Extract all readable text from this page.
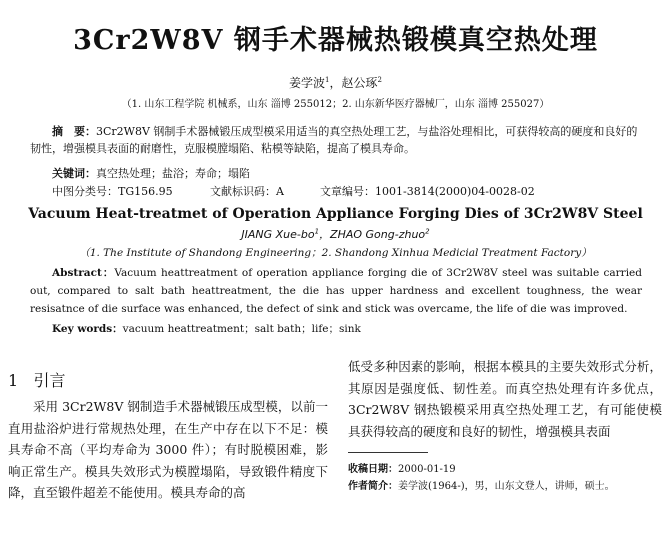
3Cr2W8V 钢手术器械热锻模真空热处理
姜学波$^1$，赵公琢$^2$
（1. 山东工程学院 机械系，山东 淄博 255012；2. 山东新华医疗器械厂，山东 淄博 255027）
摘　要：3Cr2W8V 钢制手术器械锻压成型模采用适当的真空热处理工艺，与盐浴处理相比，可获得较高的硬度和良好的韧性，增强模具表面的耐磨性，克服模膛塌陷、粘模等缺陷，提高了模具寿命。
关键词：真空热处理；盐浴；寿命；塌陷
中图分类号：TG156.95	文献标识码：A	文章编号：1001-3814(2000)04-0028-02
Vacuum Heat-treatmet of Operation Appliance Forging Dies of 3Cr2W8V Steel
JIANG Xue-$bo^1$，ZHAO Gong-zhuo$^2$
（1. The Institute of Shandong Engineering；2. Shandong Xinhua Medicial Treatment Factory）
Abstract：Vacuum heattreatment of operation appliance forging die of 3Cr2W8V steel was suitable carried out, compared to salt bath heattreatment, the die has upper hardness and excellent toughness, the wear resisatnce of die surface was enhanced, the defect of sink and stick was overcame, the life of die was improved.
Key words：vacuum heattreatment；salt bath；life；sink
1 引言
采用 3Cr2W8V 钢制造手术器械锻压成型模，以前一直用盐浴炉进行常规热处理，在生产中存在以下不足：模具寿命不高（平均寿命为 3000 件）；有时脱模困难，影响正常生产。模具失效形式为模膛塌陷，导致锻件精度下降，直至锻件超差不能使用。模具寿命的高
低受多种因素的影响，根据本模具的主要失效形式分析，其原因是强度低、韧性差。而真空热处理有许多优点，3Cr2W8V 钢热锻模采用真空热处理工艺，有可能使模具获得较高的硬度和良好的韧性，增强模具表面
收稿日期：2000-01-19
作者简介：姜学波(1964-)，男，山东文登人，讲师，硕士。
